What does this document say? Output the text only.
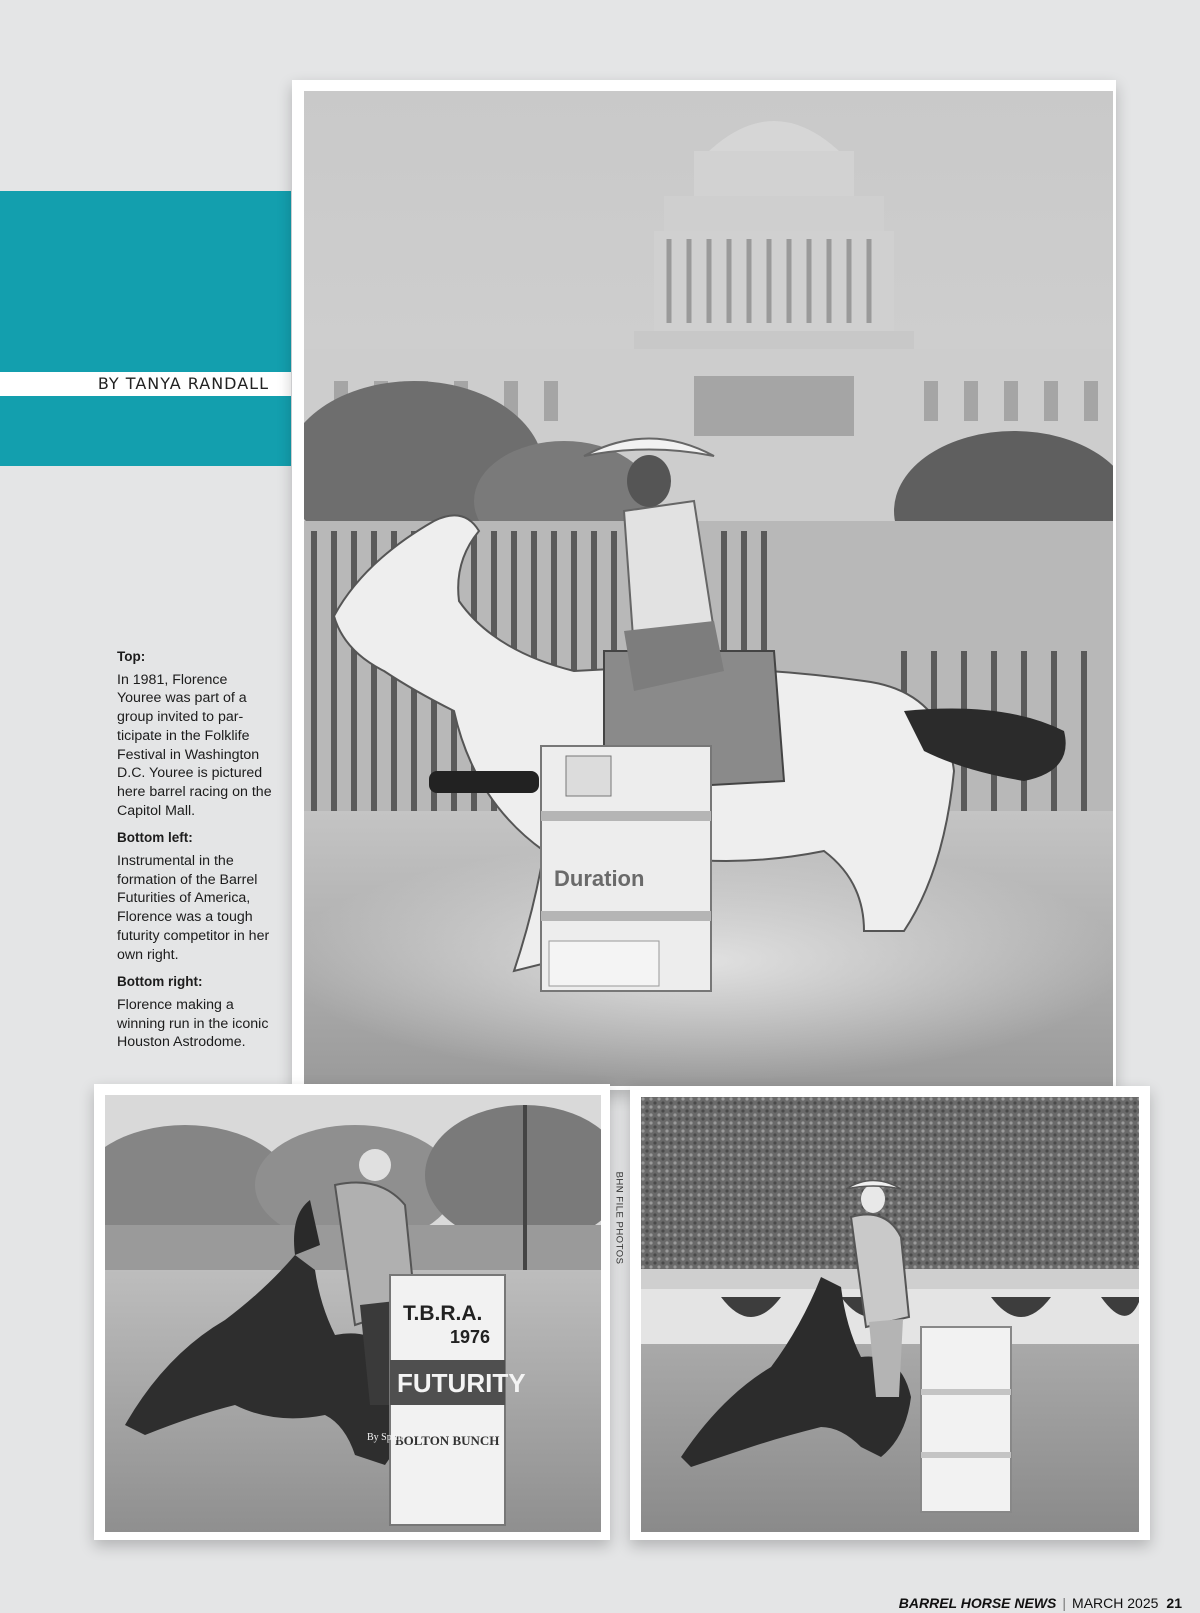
BY TANYA RANDALL
Top:
In 1981, Florence Youree was part of a group invited to par- ticipate in the Folklife Festival in Washington D.C. Youree is pictured here barrel racing on the Capitol Mall.
Bottom left:
Instrumental in the formation of the Barrel Futurities of America, Florence was a tough futurity competitor in her own right.
Bottom right:
Florence making a winning run in the iconic Houston Astrodome.
Duration
T.B.R.A.
1976
FUTURITY
BOLTON BUNCH
By Sprin
BHN FILE PHOTOS
BARREL HORSE NEWS | MARCH 2025 21
